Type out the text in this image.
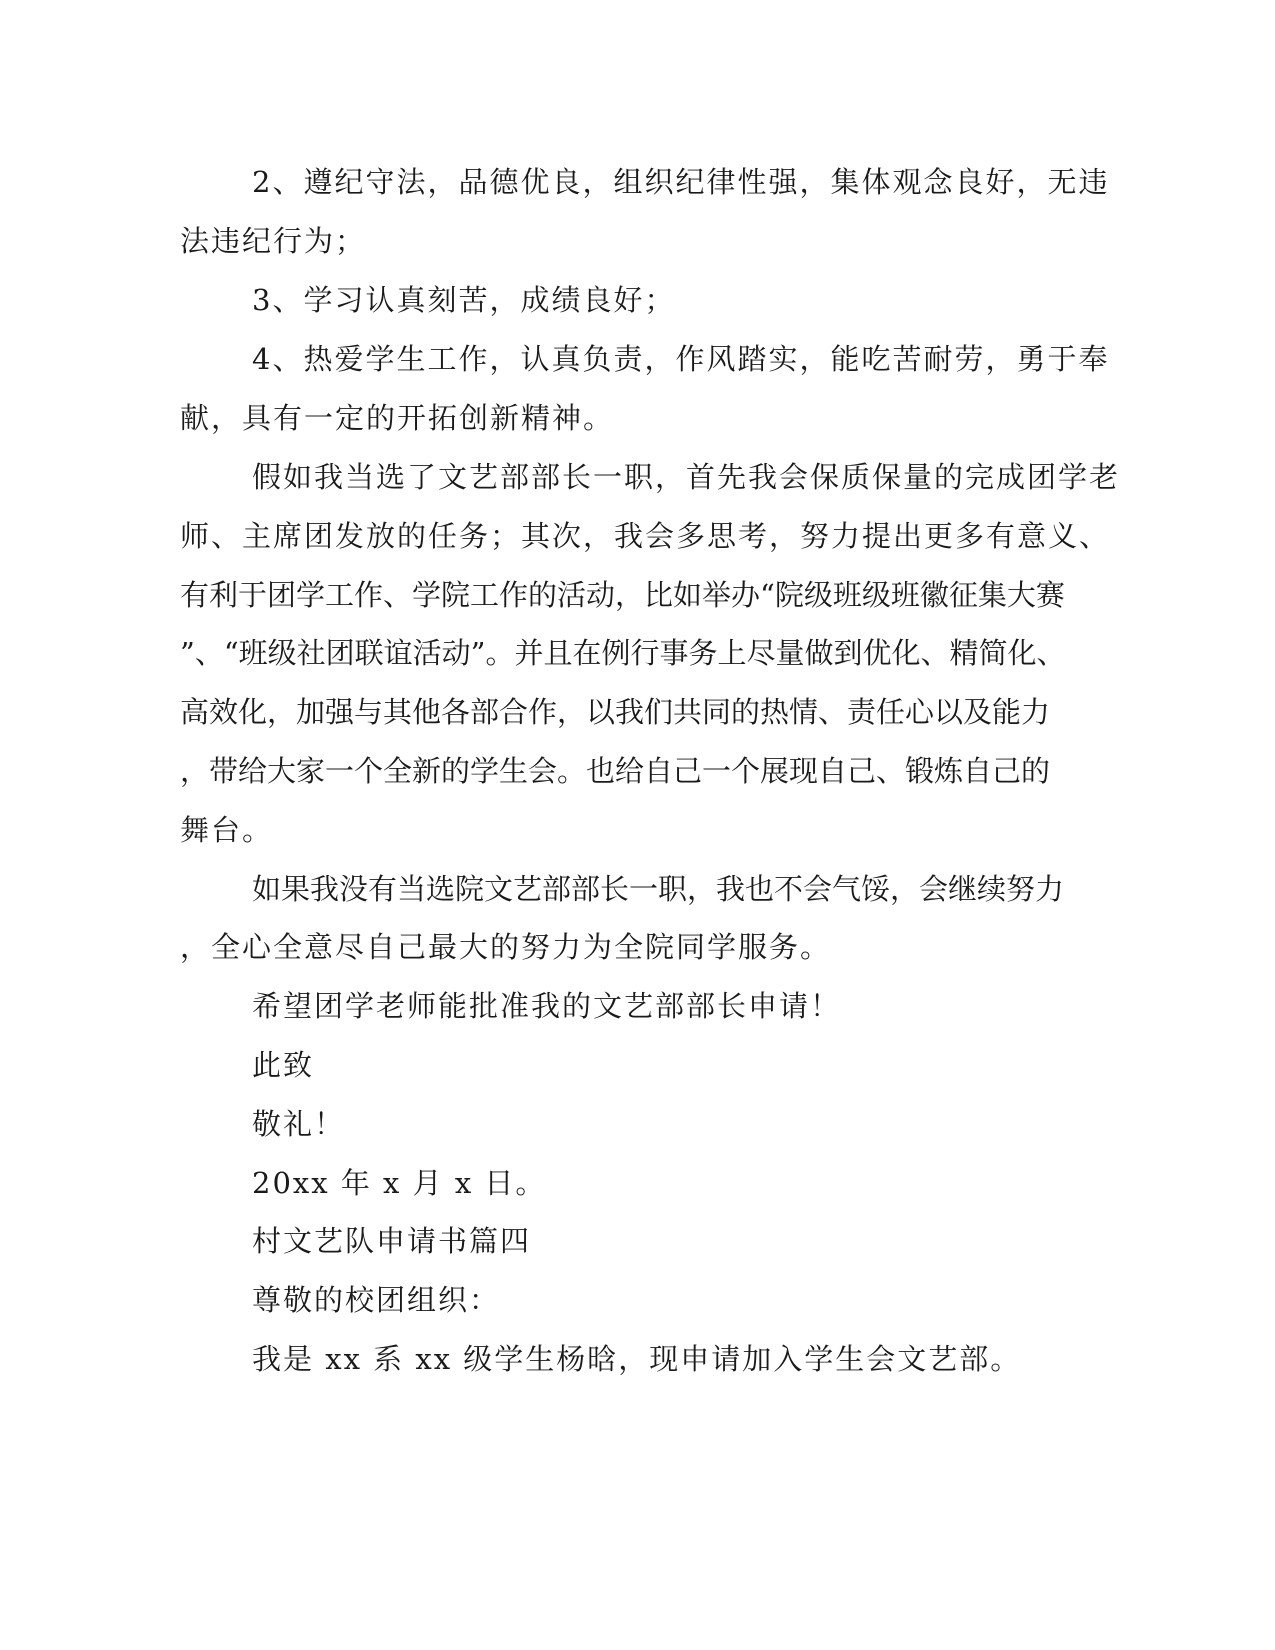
2、遵纪守法，品德优良，组织纪律性强，集体观念良好，无违
法违纪行为；
3、学习认真刻苦，成绩良好；
4、热爱学生工作，认真负责，作风踏实，能吃苦耐劳，勇于奉
献，具有一定的开拓创新精神。
假如我当选了文艺部部长一职，首先我会保质保量的完成团学老
师、主席团发放的任务；其次，我会多思考，努力提出更多有意义、
有利于团学工作、学院工作的活动，比如举办“院级班级班徽征集大赛
”、“班级社团联谊活动”。并且在例行事务上尽量做到优化、精简化、
高效化，加强与其他各部合作，以我们共同的热情、责任心以及能力
，带给大家一个全新的学生会。也给自己一个展现自己、锻炼自己的
舞台。
如果我没有当选院文艺部部长一职，我也不会气馁，会继续努力
，全心全意尽自己最大的努力为全院同学服务。
希望团学老师能批准我的文艺部部长申请！
此致
敬礼！
20xx 年 x 月 x 日。
村文艺队申请书篇四
尊敬的校团组织：
我是 xx 系 xx 级学生杨晗，现申请加入学生会文艺部。
